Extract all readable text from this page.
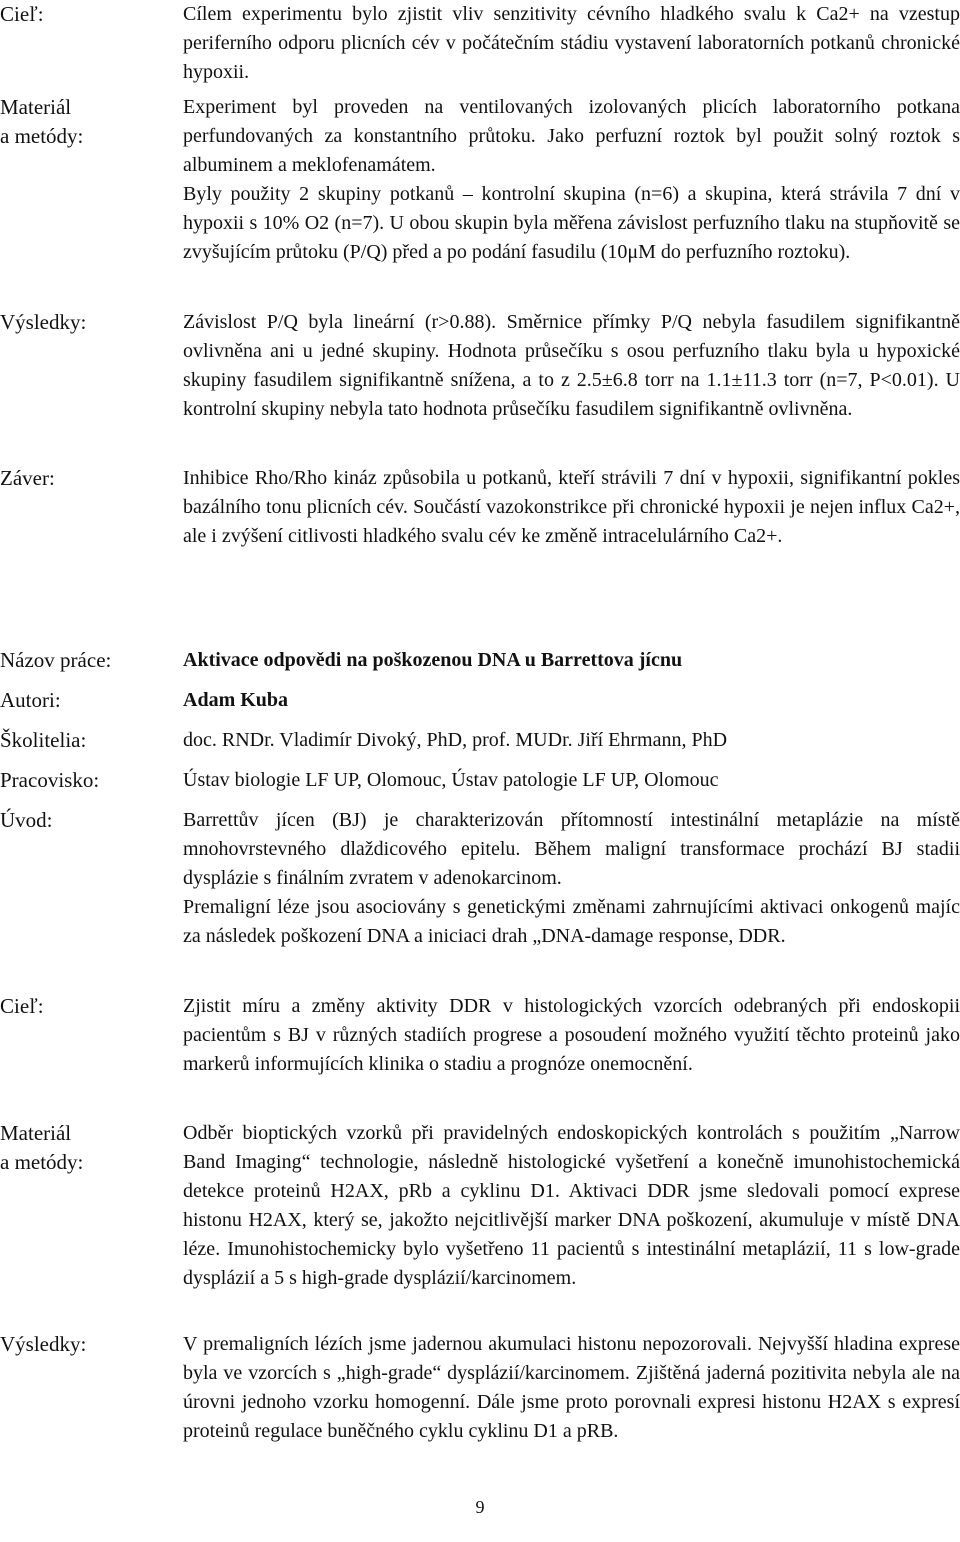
Cieľ:	Cílem experimentu bylo zjistit vliv senzitivity cévního hladkého svalu k Ca2+ na vzestup periferního odporu plicních cév v počátečním stádiu vystavení laboratorních potkanů chronické hypoxii.

Materiál
a metódy:

Experiment byl proveden na ventilovaných izolovaných plicích laboratorního potkana perfundovaných za konstantního průtoku. Jako perfuzní roztok byl použit solný roztok s albuminem a meklofenamátem.

Byly použity 2 skupiny potkanů – kontrolní skupina (n=6) a skupina, která strávila 7 dní v hypoxii s 10% O2 (n=7). U obou skupin byla měřena závislost perfuzního tlaku na stupňovitě se zvyšujícím průtoku (P/Q) před a po podání fasudilu (10μM do perfuzního roztoku).

Výsledky:	Závislost P/Q byla lineární (r>0.88). Směrnice přímky P/Q nebyla fasudilem signifikantně ovlivněna ani u jedné skupiny. Hodnota průsečíku s osou perfuzního tlaku byla u hypoxické skupiny fasudilem signifikantně snížena, a to z 2.5±6.8 torr na 1.1±11.3 torr (n=7, P<0.01). U kontrolní skupiny nebyla tato hodnota průsečíku fasudilem signifikantně ovlivněna.

Záver:	Inhibice Rho/Rho kináz způsobila u potkanů, kteří strávili 7 dní v hypoxii, signifikantní pokles bazálního tonu plicních cév. Součástí vazokonstrikce při chronické hypoxii je nejen influx Ca2+, ale i zvýšení citlivosti hladkého svalu cév ke změně intracelulárního Ca2+.

Názov práce:	Aktivace odpovědi na poškozenou DNA u Barrettova jícnu
Autori:	Adam Kuba
Školitelia:	doc. RNDr. Vladimír Divoký, PhD, prof. MUDr. Jiří Ehrmann, PhD
Pracovisko:	Ústav biologie LF UP, Olomouc, Ústav patologie LF UP, Olomouc
Úvod:	Barrettův jícen (BJ) je charakterizován přítomností intestinální metaplázie na místě mnohovrstevného dlaždicového epitelu. Během maligní transformace prochází BJ stadii dysplázie s finálním zvratem v adenokarcinom.

Premaligní léze jsou asociovány s genetickými změnami zahrnujícími aktivaci onkogenů majíc za následek poškození DNA a iniciaci drah „DNA-damage response, DDR.

Cieľ:	Zjistit míru a změny aktivity DDR v histologických vzorcích odebraných při endoskopii pacientům s BJ v různých stadiích progrese a posoudení možného využití těchto proteinů jako markerů informujících klinika o stadiu a prognóze onemocnění.
Materiál
a metódy:
Odběr bioptických vzorků při pravidelných endoskopických kontrolách s použitím „Narrow Band Imaging“ technologie, následně histologické vyšetření a konečně imunohistochemická detekce proteinů H2AX, pRb a cyklinu D1. Aktivaci DDR jsme sledovali pomocí exprese histonu H2AX, který se, jakožto nejcitlivější marker DNA poškození, akumuluje v místě DNA léze. Imunohistochemicky bylo vyšetřeno 11 pacientů s intestinální metaplázií, 11 s low-grade dysplázií a 5 s high-grade dysplázií/karcinomem.
Výsledky:	V premaligních lézích jsme jadernou akumulaci histonu nepozorovali. Nejvyšší hladina exprese byla ve vzorcích s „high-grade“ dysplázií/karcinomem. Zjištěná jaderná pozitivita nebyla ale na úrovni jednoho vzorku homogenní. Dále jsme proto porovnali expresi histonu H2AX s expresí proteinů regulace buněčného cyklu cyklinu D1 a pRB.
9
